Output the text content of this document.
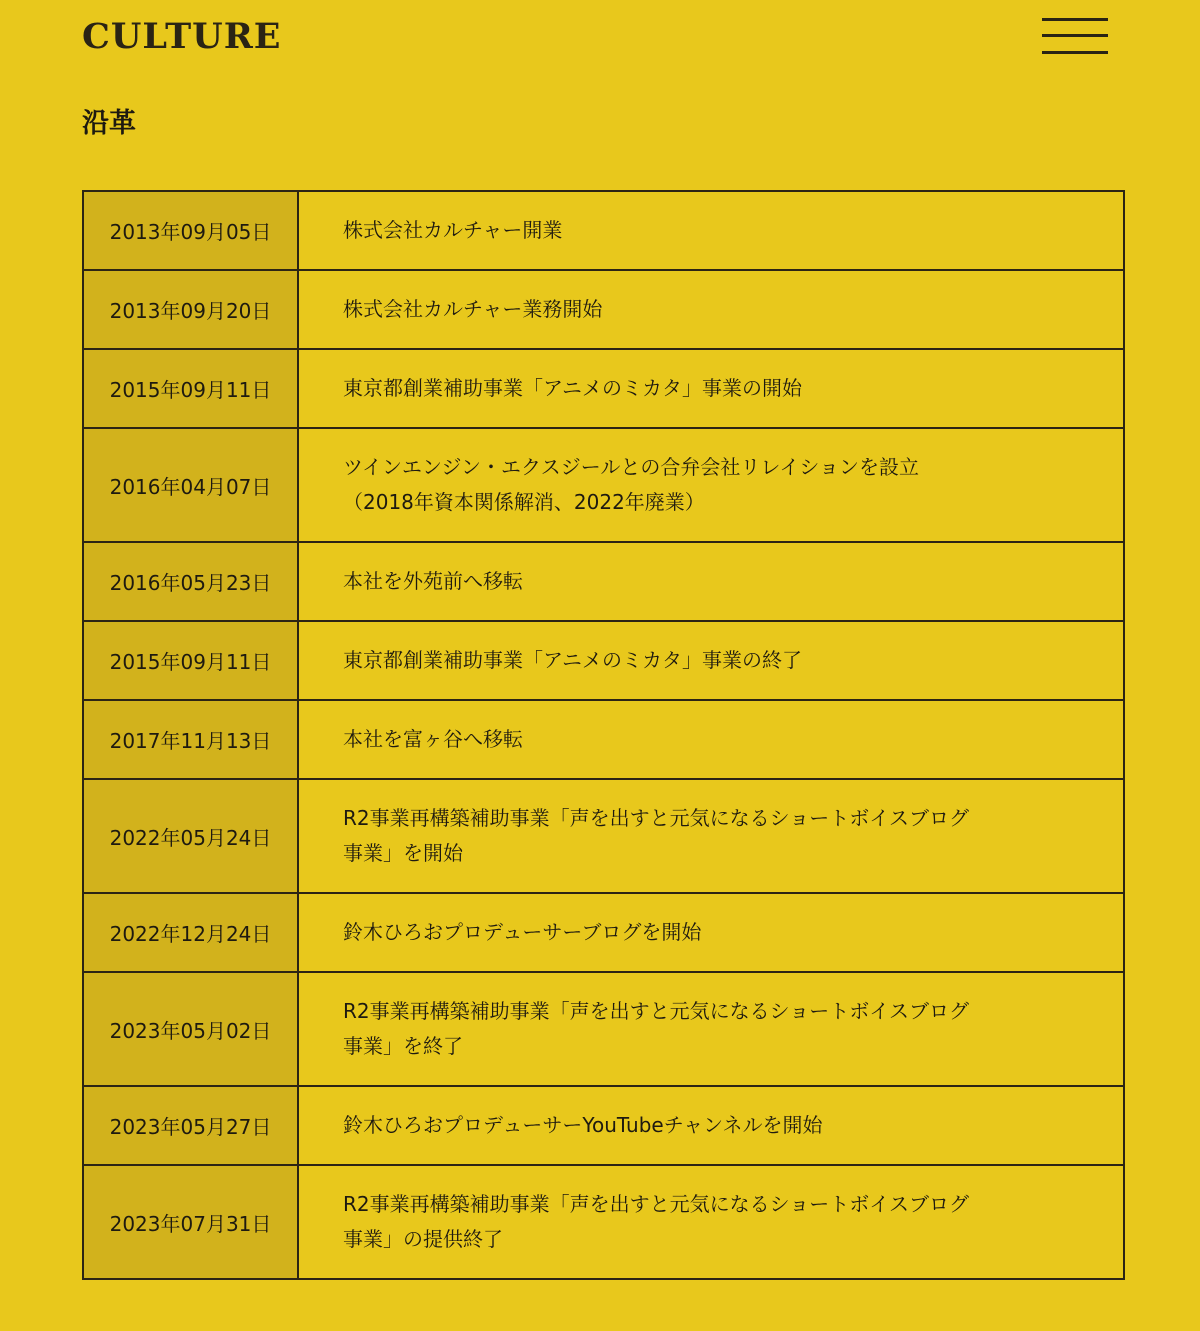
CULTURE
沿革
2013年09月05日	株式会社カルチャー開業

2013年09月20日	株式会社カルチャー業務開始

2015年09月11日	東京都創業補助事業「アニメのミカタ」事業の開始

2016年04月07日	ツインエンジン・エクスジールとの合弁会社リレイションを設立
（2018年資本関係解消、2022年廃業）

2016年05月23日	本社を外苑前へ移転

2015年09月11日	東京都創業補助事業「アニメのミカタ」事業の終了

2017年11月13日	本社を富ヶ谷へ移転

2022年05月24日	R2事業再構築補助事業「声を出すと元気になるショートボイスブログ
事業」を開始

2022年12月24日	鈴木ひろおプロデューサーブログを開始

2023年05月02日	R2事業再構築補助事業「声を出すと元気になるショートボイスブログ
事業」を終了

2023年05月27日	鈴木ひろおプロデューサーYouTubeチャンネルを開始

2023年07月31日	R2事業再構築補助事業「声を出すと元気になるショートボイスブログ
事業」の提供終了
